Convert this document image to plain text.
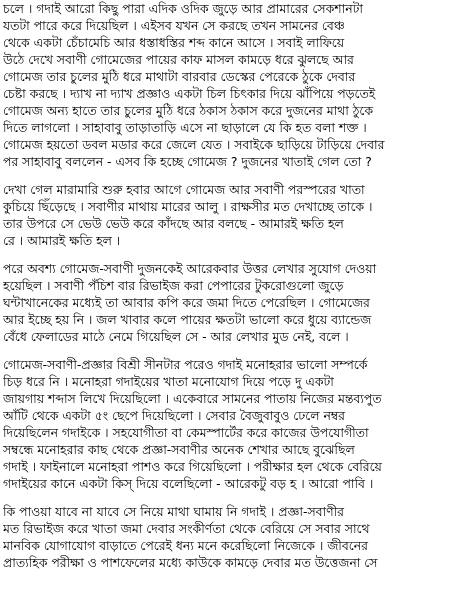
চলে । গদাই আরো কিছু পারা এদিক ওদিক জুড়ে আর প্রামারের সেকশানটা
যতটা পারে করে দিয়েছিল । এইসব যখন সে করছে তখন সামনের বেঞ্চ
থেকে একটা চেঁচামেচি আর ধস্তাধস্তির শব্দ কানে আসে । সবাই লাফিয়ে
উঠে দেখে সবাণী গোমেজের পায়ের কাফ মাসল কামড়ে ধরে ঝুলছে আর
গোমেজ তার চুলের মুঠি ধরে মাথাটা বারবার ডেস্কের পেরেকে ঠুকে দেবার
চেষ্টা করছে । দ্যাখ না দ্যাখ প্রজ্ঞাও একটা চিল চিৎকার দিয়ে ঝাঁপিয়ে পড়তেই
গোমেজ অন্য হাতে তার চুলের মুঠি ধরে ঠকাস ঠকাস করে দুজনের মাথা ঠুকে
দিতে লাগলো । সাহাবাবু তাড়াতাড়ি এসে না ছাড়ালে যে কি হত বলা শক্ত ।
গোমেজ হয়তো ডবল মডার করে জেলে যেত । সবাইকে ছাড়িয়ে টাড়িয়ে দেবার
পর সাহাবাবু বললেন - এসব কি হচ্ছে গোমেজ ? দুজনের খাতাই গেল তো ?
দেখা গেল মারামারি শুরু হবার আগে গোমেজ আর সবাণী পরস্পরের খাতা
কুচিয়ে ছিঁড়েছে । সবাণীর মাথায় মারের আলু । রাক্ষসীর মত দেখাচ্ছে তাকে ।
তার উপরে সে ভেউ ভেউ করে কাঁদছে আর বলছে - আমারই ক্ষতি হল
রে । আমারই ক্ষতি হল ।
পরে অবশ্য গোমেজ-সবাণী দুজনকেই আরেকবার উত্তর লেখার সুযোগ দেওয়া
হয়েছিল । সবাণী পঁচিশ বার রিভাইজ করা পেপারের টুকরোগুলো জুড়ে
ঘন্টাখানেকের মধ্যেই তা আবার কপি করে জমা দিতে পেরেছিল । গোমেজের
আর ইচ্ছে হয় নি । জল খাবার কলে পায়ের ক্ষতটা ভালো করে ধুয়ে ব্যান্ডেজ
বেঁধে ফেলাডের মাঠে নেমে গিয়েছিল সে - আর লেখার মুড নেই, বলে ।
গোমেজ-সবাণী-প্রজ্ঞার বিশ্রী সীনটার পরেও গদাই মনোহরার ভালো সম্পর্কে
চিড় ধরে নি । মনোহরা গদাইয়ের খাতা মনোযোগ দিয়ে পড়ে দু একটা
জায়গায় শব্দাস লিখে দিয়েছিলো । একেবারে সামনের পাতায় নিজের মন্তব্যপুত
আঁটি থেকে একটা ৫ং ছেপে দিয়েছিলো । সেবার বৈজুবাবুও ঢেলে নম্বর
দিয়েছিলেন গদাইকে । সহযোগীতা বা কেমস্পার্টের করে কাজের উপযোগীতা
সম্বন্ধে মনোহরার কাছ থেকে প্রজ্ঞা-সবাণীর অনেক শেখার আছে বুঝেছিল
গদাই । ফাইনালে মনোহরা পাশও করে গিয়েছিলো । পরীক্ষার হল থেকে বেরিয়ে
গদাইয়ের কানে একটা কিস্ দিয়ে বলেছিলো - আরেকটু বড় হ । আরো পাবি ।
কি পাওয়া যাবে না যাবে সে নিয়ে মাথা ঘামায় নি গদাই । প্রজ্ঞা-সবাণীর
মত রিভাইজ করে খাতা জমা দেবার সংকীর্ণতা থেকে বেরিয়ে সে সবার সাথে
মানবিক যোগাযোগ বাড়াতে পেরেই ধন্য মনে করেছিলো নিজেকে । জীবনের
প্রাত্যহিক পরীক্ষা ও পাশফেলের মধ্যে কাউকে কামড়ে দেবার মত উত্তেজনা সে
